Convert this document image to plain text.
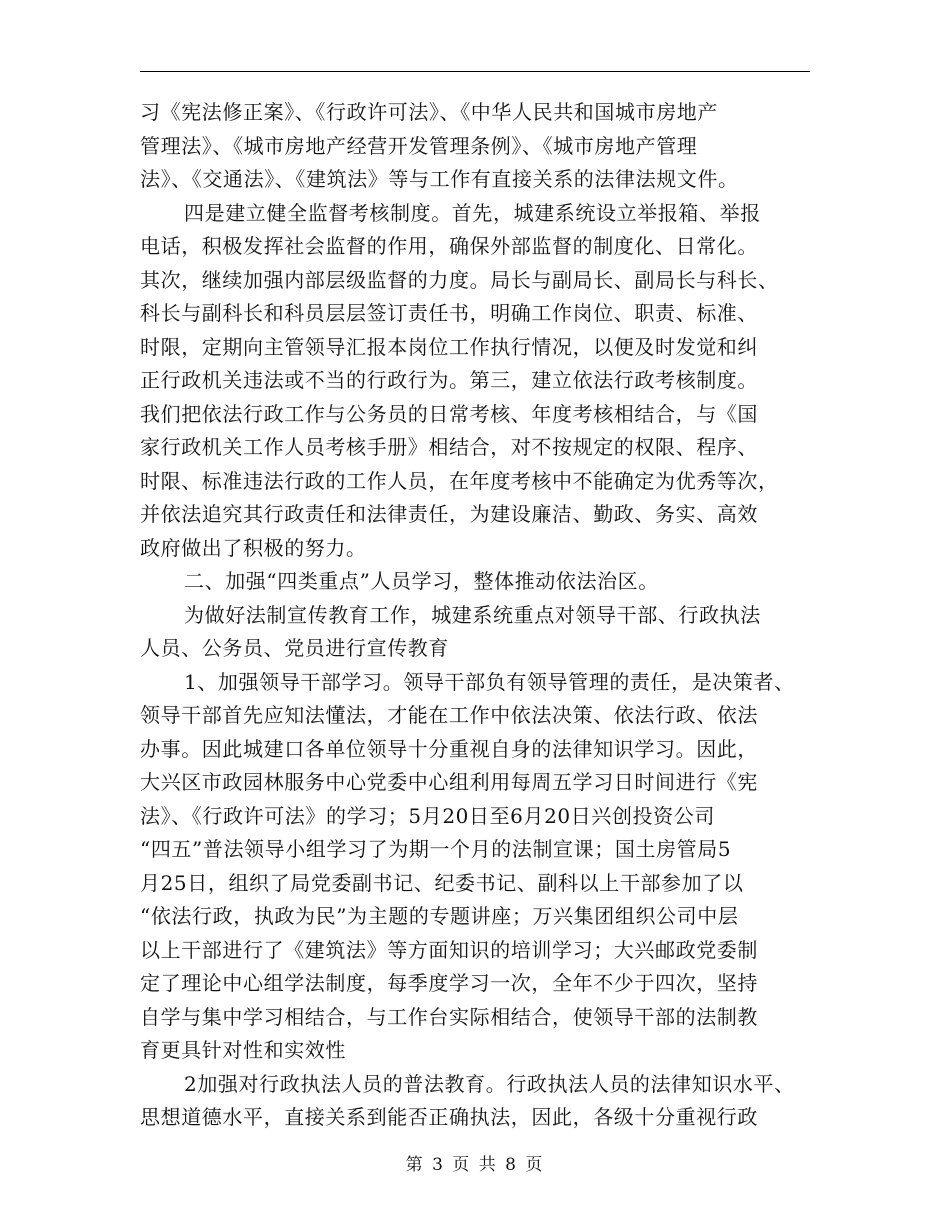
习《宪法修正案》、《行政许可法》、《中华人民共和国城市房地产
管理法》、《城市房地产经营开发管理条例》、《城市房地产管理
法》、《交通法》、《建筑法》等与工作有直接关系的法律法规文件。
四是建立健全监督考核制度。首先，城建系统设立举报箱、举报
电话，积极发挥社会监督的作用，确保外部监督的制度化、日常化。
其次，继续加强内部层级监督的力度。局长与副局长、副局长与科长、
科长与副科长和科员层层签订责任书，明确工作岗位、职责、标准、
时限，定期向主管领导汇报本岗位工作执行情况，以便及时发觉和纠
正行政机关违法或不当的行政行为。第三，建立依法行政考核制度。
我们把依法行政工作与公务员的日常考核、年度考核相结合，与《国
家行政机关工作人员考核手册》相结合，对不按规定的权限、程序、
时限、标准违法行政的工作人员，在年度考核中不能确定为优秀等次，
并依法追究其行政责任和法律责任，为建设廉洁、勤政、务实、高效
政府做出了积极的努力。
二、加强“四类重点”人员学习，整体推动依法治区。
为做好法制宣传教育工作，城建系统重点对领导干部、行政执法
人员、公务员、党员进行宣传教育
1、加强领导干部学习。领导干部负有领导管理的责任，是决策者、
领导干部首先应知法懂法，才能在工作中依法决策、依法行政、依法
办事。因此城建口各单位领导十分重视自身的法律知识学习。因此，
大兴区市政园林服务中心党委中心组利用每周五学习日时间进行《宪
法》、《行政许可法》的学习；5月20日至6月20日兴创投资公司
“四五”普法领导小组学习了为期一个月的法制宣课；国土房管局5
月25日，组织了局党委副书记、纪委书记、副科以上干部参加了以
“依法行政，执政为民”为主题的专题讲座；万兴集团组织公司中层
以上干部进行了《建筑法》等方面知识的培训学习；大兴邮政党委制
定了理论中心组学法制度，每季度学习一次，全年不少于四次，坚持
自学与集中学习相结合，与工作台实际相结合，使领导干部的法制教
育更具针对性和实效性
2加强对行政执法人员的普法教育。行政执法人员的法律知识水平、
思想道德水平，直接关系到能否正确执法，因此，各级十分重视行政
第 3 页 共 8 页
